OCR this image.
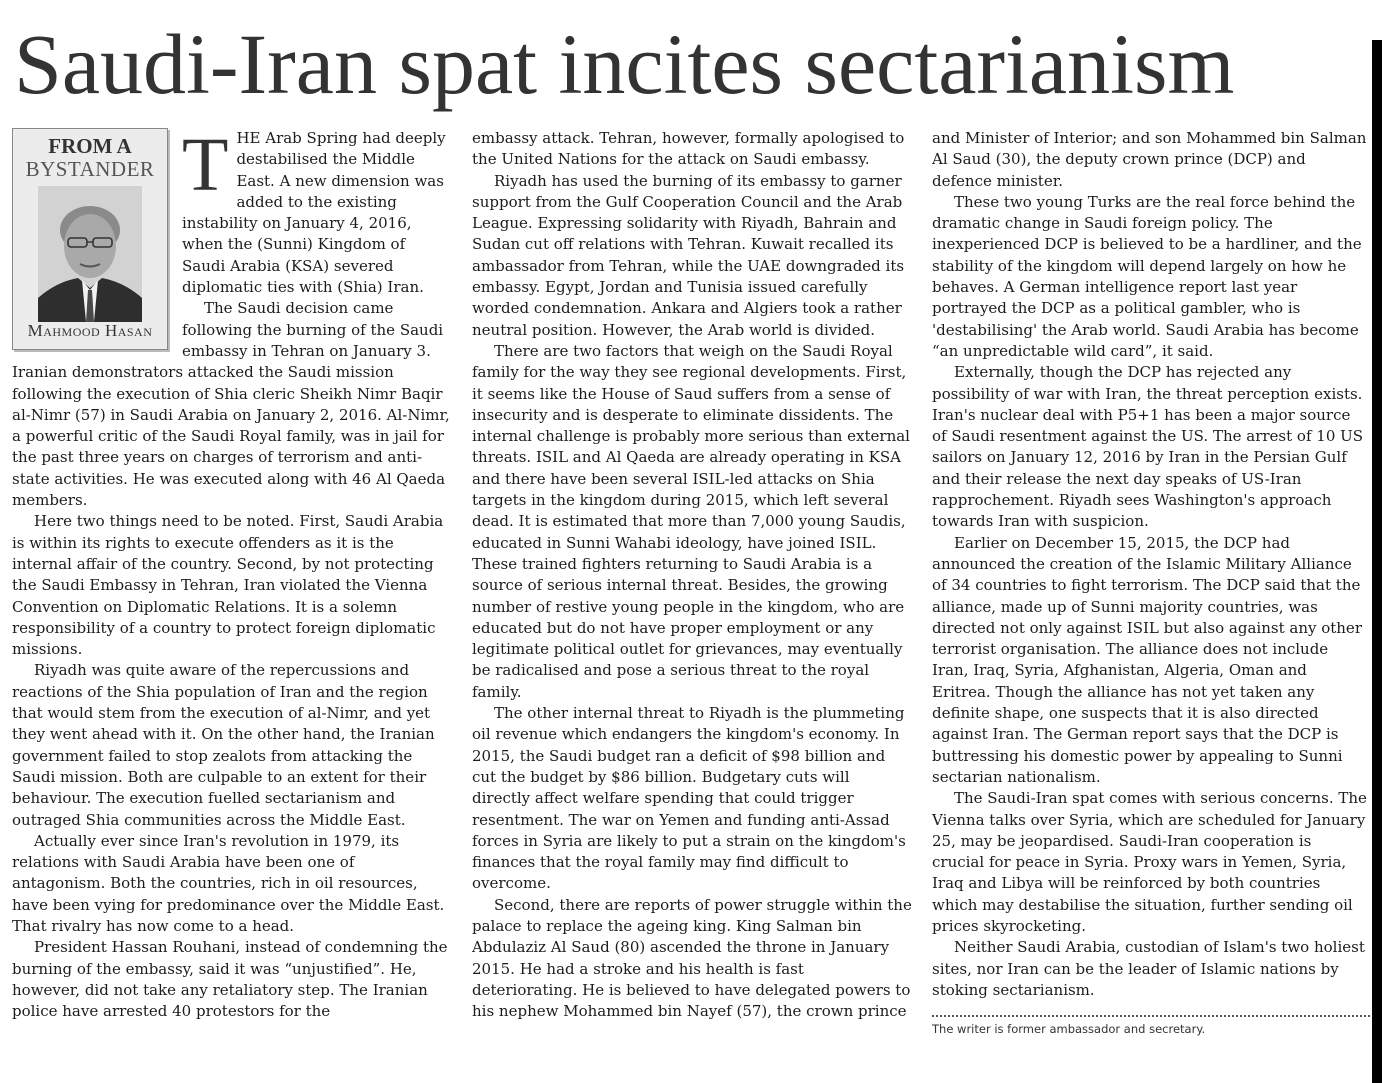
Saudi-Iran spat incites sectarianism
FROM A
BYSTANDER
Mahmood Hasan
T HE Arab Spring had deeply destabilised the Middle East. A new dimension was added to the existing instability on January 4, 2016, when the (Sunni) Kingdom of Saudi Arabia (KSA) severed diplomatic ties with (Shia) Iran.

The Saudi decision came following the burning of the Saudi embassy in Tehran on January 3. Iranian demonstrators attacked the Saudi mission following the execution of Shia cleric Sheikh Nimr Baqir al-Nimr (57) in Saudi Arabia on January 2, 2016. Al-Nimr, a powerful critic of the Saudi Royal family, was in jail for the past three years on charges of terrorism and anti-state activities. He was executed along with 46 Al Qaeda members.

Here two things need to be noted. First, Saudi Arabia is within its rights to execute offenders as it is the internal affair of the country. Second, by not protecting the Saudi Embassy in Tehran, Iran violated the Vienna Convention on Diplomatic Relations. It is a solemn responsibility of a country to protect foreign diplomatic missions.

Riyadh was quite aware of the repercussions and reactions of the Shia population of Iran and the region that would stem from the execution of al-Nimr, and yet they went ahead with it. On the other hand, the Iranian government failed to stop zealots from attacking the Saudi mission. Both are culpable to an extent for their behaviour. The execution fuelled sectarianism and outraged Shia communities across the Middle East.

Actually ever since Iran's revolution in 1979, its relations with Saudi Arabia have been one of antagonism. Both the countries, rich in oil resources, have been vying for predominance over the Middle East. That rivalry has now come to a head.

President Hassan Rouhani, instead of condemning the burning of the embassy, said it was “unjustified”. He, however, did not take any retaliatory step. The Iranian police have arrested 40 protestors for the

embassy attack. Tehran, however, formally apologised to the United Nations for the attack on Saudi embassy.

Riyadh has used the burning of its embassy to garner support from the Gulf Cooperation Council and the Arab League. Expressing solidarity with Riyadh, Bahrain and Sudan cut off relations with Tehran. Kuwait recalled its ambassador from Tehran, while the UAE downgraded its embassy. Egypt, Jordan and Tunisia issued carefully worded condemnation. Ankara and Algiers took a rather neutral position. However, the Arab world is divided.

There are two factors that weigh on the Saudi Royal family for the way they see regional developments. First, it seems like the House of Saud suffers from a sense of insecurity and is desperate to eliminate dissidents. The internal challenge is probably more serious than external threats. ISIL and Al Qaeda are already operating in KSA and there have been several ISIL-led attacks on Shia targets in the kingdom during 2015, which left several dead. It is estimated that more than 7,000 young Saudis, educated in Sunni Wahabi ideology, have joined ISIL. These trained fighters returning to Saudi Arabia is a source of serious internal threat. Besides, the growing number of restive young people in the kingdom, who are educated but do not have proper employment or any legitimate political outlet for grievances, may eventually be radicalised and pose a serious threat to the royal family.

The other internal threat to Riyadh is the plummeting oil revenue which endangers the kingdom's economy. In 2015, the Saudi budget ran a deficit of $98 billion and cut the budget by $86 billion. Budgetary cuts will directly affect welfare spending that could trigger resentment. The war on Yemen and funding anti-Assad forces in Syria are likely to put a strain on the kingdom's finances that the royal family may find difficult to overcome.

Second, there are reports of power struggle within the palace to replace the ageing king. King Salman bin Abdulaziz Al Saud (80) ascended the throne in January 2015. He had a stroke and his health is fast deteriorating. He is believed to have delegated powers to his nephew Mohammed bin Nayef (57), the crown prince

and Minister of Interior; and son Mohammed bin Salman Al Saud (30), the deputy crown prince (DCP) and defence minister.

These two young Turks are the real force behind the dramatic change in Saudi foreign policy. The inexperienced DCP is believed to be a hardliner, and the stability of the kingdom will depend largely on how he behaves. A German intelligence report last year portrayed the DCP as a political gambler, who is 'destabilising' the Arab world. Saudi Arabia has become “an unpredictable wild card”, it said.

Externally, though the DCP has rejected any possibility of war with Iran, the threat perception exists. Iran's nuclear deal with P5+1 has been a major source of Saudi resentment against the US. The arrest of 10 US sailors on January 12, 2016 by Iran in the Persian Gulf and their release the next day speaks of US-Iran rapprochement. Riyadh sees Washington's approach towards Iran with suspicion.

Earlier on December 15, 2015, the DCP had announced the creation of the Islamic Military Alliance of 34 countries to fight terrorism. The DCP said that the alliance, made up of Sunni majority countries, was directed not only against ISIL but also against any other terrorist organisation. The alliance does not include Iran, Iraq, Syria, Afghanistan, Algeria, Oman and Eritrea. Though the alliance has not yet taken any definite shape, one suspects that it is also directed against Iran. The German report says that the DCP is buttressing his domestic power by appealing to Sunni sectarian nationalism.

The Saudi-Iran spat comes with serious concerns. The Vienna talks over Syria, which are scheduled for January 25, may be jeopardised. Saudi-Iran cooperation is crucial for peace in Syria. Proxy wars in Yemen, Syria, Iraq and Libya will be reinforced by both countries which may destabilise the situation, further sending oil prices skyrocketing.

Neither Saudi Arabia, custodian of Islam's two holiest sites, nor Iran can be the leader of Islamic nations by stoking sectarianism.

The writer is former ambassador and secretary.
